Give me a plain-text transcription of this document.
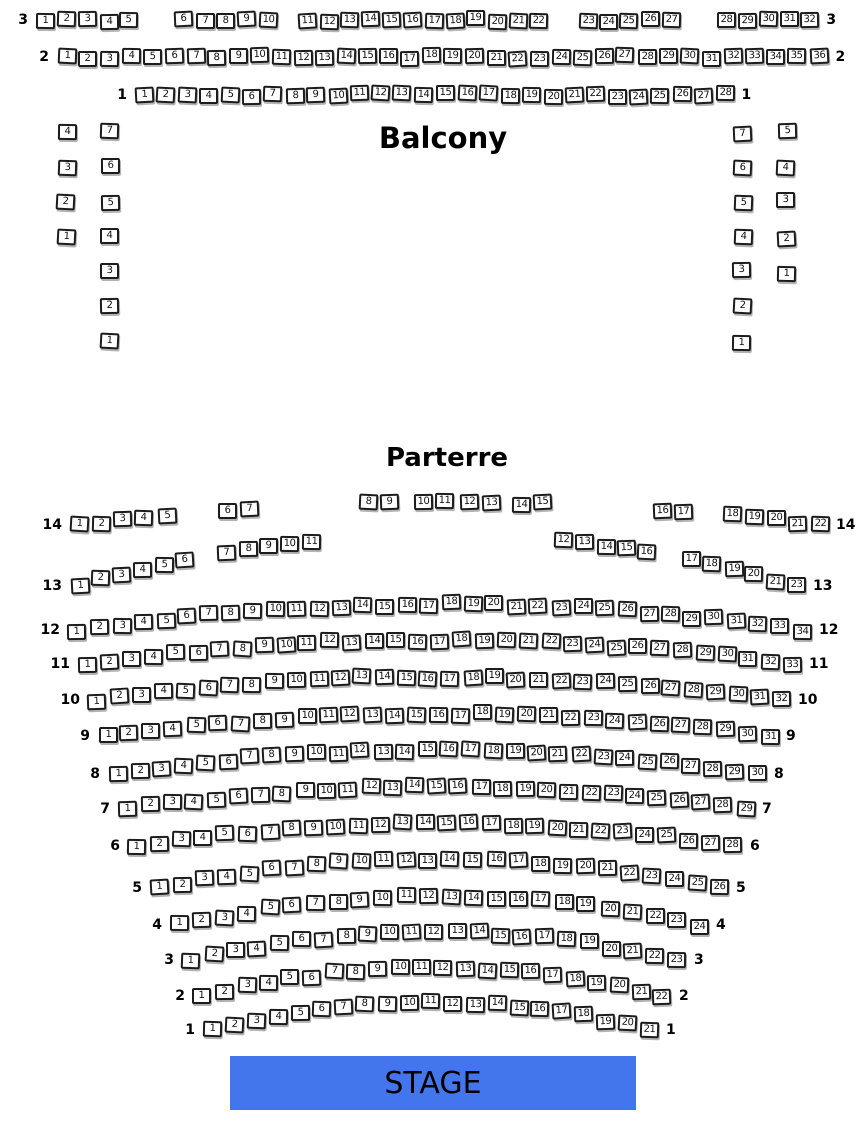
Balcony
Parterre
1	2	3	4	5	6	7	8	9	10	11 12 13 14 15 16 17 18 19 20 21 22	23 24 25 26 27	28 29 30 31 32
3	3
1	2	3	4	5	6	7	8	9	10	11 12 13 14 15 16 17 18 19	20 21 22 23	24 25	26 27	28 29 30 31	32 33 34 35	36
2	2
1	2	3	4	5	6	7	8	9	10 11 12 13 14 15	16 17 18 19 20 21 22	23 24 25	26 27 28
1	1
4
3
2
1
7
6
5
4
3
2
1
7
6
5
4
3
2
1
5
4
3
2
1
1	2	3	4	5	6	7
8	9	10 11	12 13	14 15
16 17	18 19	20
21	22
14	14
1
2	3	4	5	6
7	8	9	10	11	12 13 14 15 16
17 18	19 20
21 23
13	13
1	2	3	4	5	6	7	8	9	10 11	12 13 14 15	16 17	18 19 20	21 22	23 24 25	26 27 28 29	30	31 32 33
34
12	12
1	2	3	4	5	6	7	8	9	10 11	12 13	14 15 16 17 18	19	20 21	22 23 24	25 26 27	28	29	30 31	32	33
11	11
1
2	3	4	5	6	7	8	9	10	11 12 13	14 15 16 17	18 19 20	21	22 23	24 25	26 27	28 29	30 31	32
10	10
1	2	3	4	5	6	7	8	9	10 11 12	13	14 15 16	17	18 19	20 21	22	23 24	25 26 27	28	29 30	31
9	9
1	2	3	4	5	6
7	8	9	10	11 12	13 14	15 16 17	18 19 20 21	22 23 24	25	26 27	28 29	30
8	8
1	2	3	4	5	6	7	8	9	10 11	12 13 14	15 16	17 18	19 20	21	22	23 24 25	26 27	28	29
7	7
1	2	3	4	5	6	7	8	9	10	11	12 13	14 15	16	17 18 19	20 21 22 23	24 25	26	27	28
6	6
1	2
3	4	5
6	7	8	9	10 11	12 13	14	15	16 17 18	19	20 21	22 23	24	25	26
5	5
1	2	3	4
5	6	7	8	9	10	11	12	13	14	15	16	17	18 19	20	21	22 23
24
4	4
1
2	3	4
5	6	7	8	9	10	11 12	13 14 15 16	17 18	19
20 21	22	23
3	3
1	2
3	4
5	6
7	8	9	10 11 12	13 14 15 16	17	18 19	20
21 22
2	2
1	2	3	4	5	6	7	8	9	10 11	12	13 14 15 16 17 18
19 20
21
1	1
STAGE
